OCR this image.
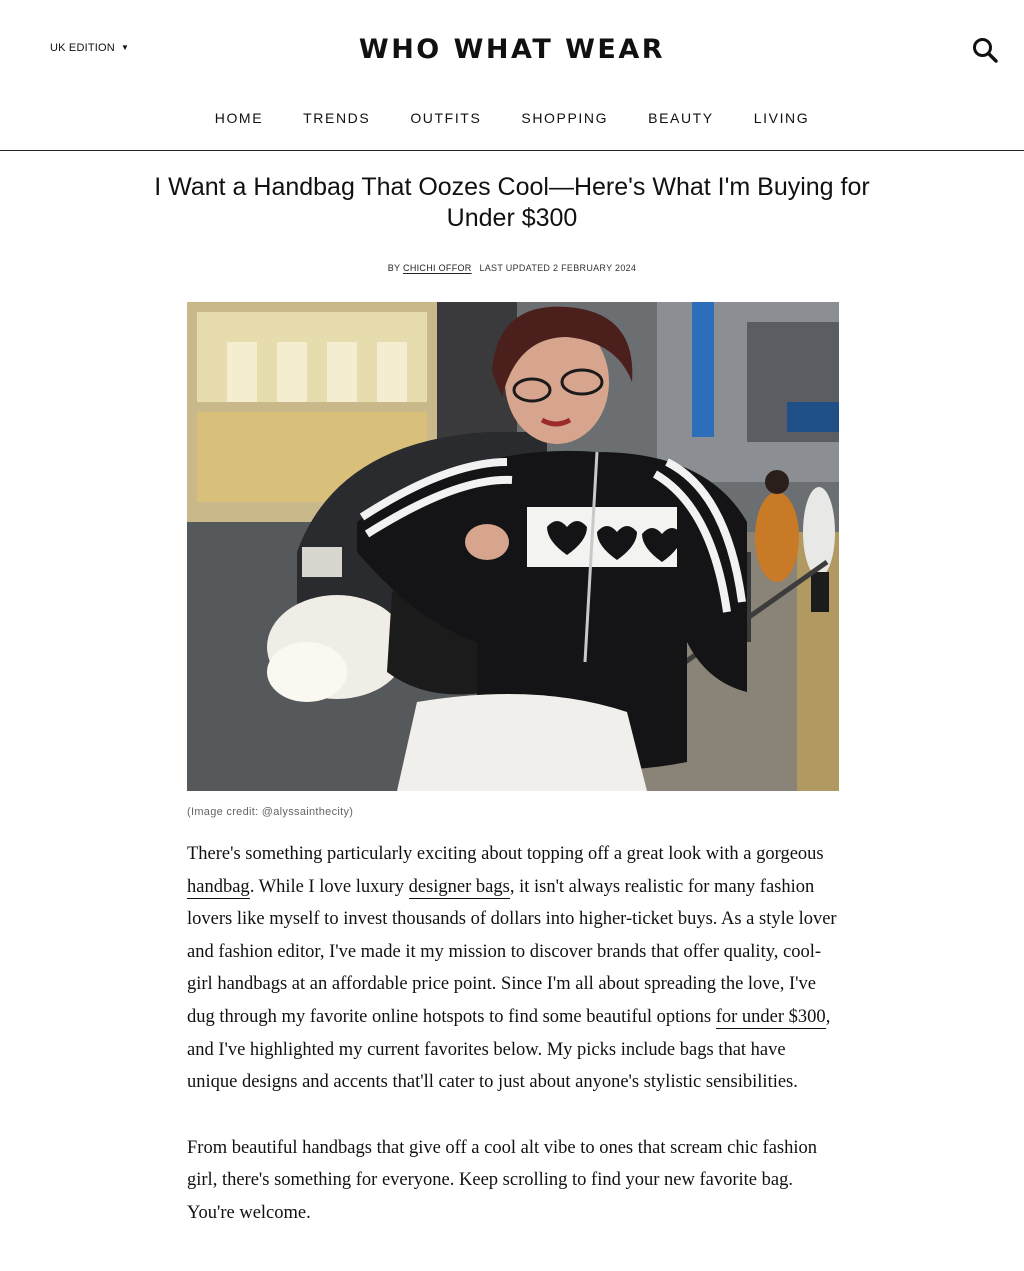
UK EDITION ▼	WHO WHAT WEAR
HOME	TRENDS	OUTFITS	SHOPPING	BEAUTY	LIVING
I Want a Handbag That Oozes Cool—Here's What I'm Buying for Under $300
BY CHICHI OFFOR LAST UPDATED 2 FEBRUARY 2024
(Image credit: @alyssainthecity)

There's something particularly exciting about topping off a great look with a gorgeous handbag. While I love luxury designer bags, it isn't always realistic for many fashion lovers like myself to invest thousands of dollars into higher-ticket buys. As a style lover and fashion editor, I've made it my mission to discover brands that offer quality, cool-girl handbags at an affordable price point. Since I'm all about spreading the love, I've dug through my favorite online hotspots to find some beautiful options for under $300, and I've highlighted my current favorites below. My picks include bags that have unique designs and accents that'll cater to just about anyone's stylistic sensibilities.

From beautiful handbags that give off a cool alt vibe to ones that scream chic fashion girl, there's something for everyone. Keep scrolling to find your new favorite bag. You're welcome.
